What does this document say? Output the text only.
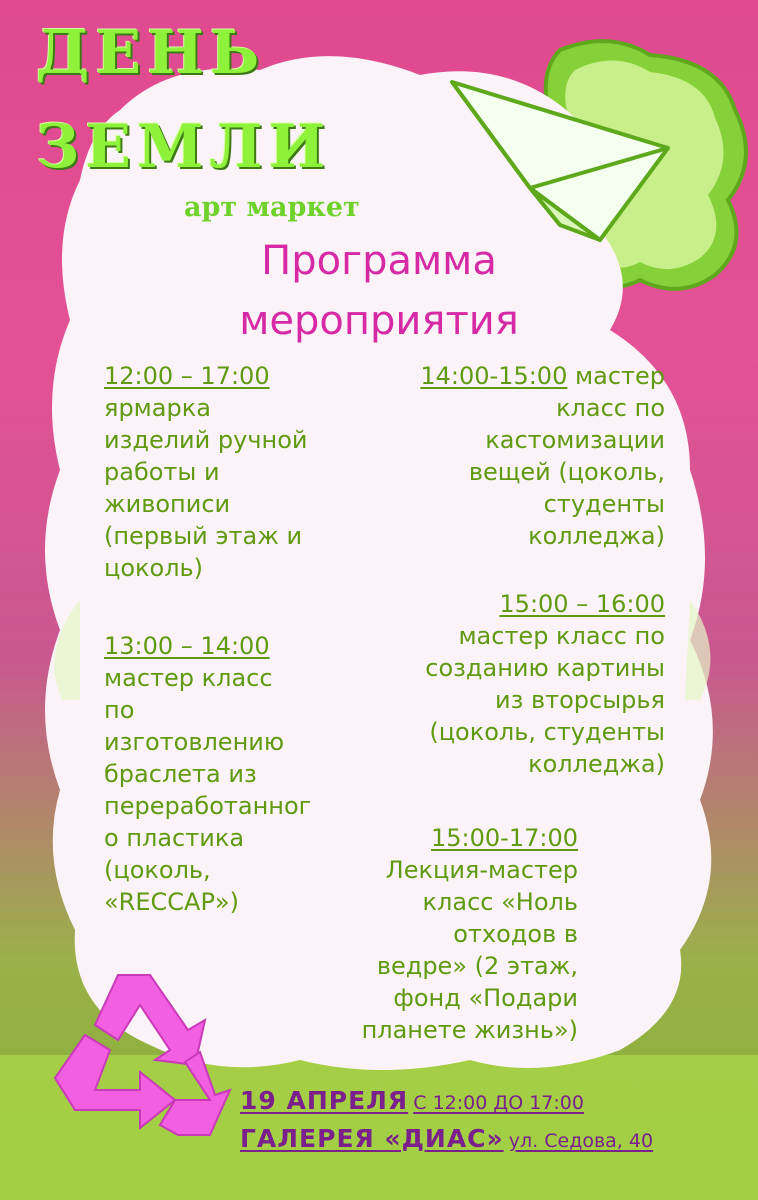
ДЕНЬ
ЗЕМЛИ
арт маркет
Программа
мероприятия
12:00 – 17:00
ярмарка
изделий ручной
работы и
живописи
(первый этаж и
цоколь)
13:00 – 14:00
мастер класс
по
изготовлению
браслета из
переработанног
о пластика
(цоколь,
«RECCAP»)
14:00-15:00 мастер
класс по
кастомизации
вещей (цоколь,
студенты
колледжа)
15:00 – 16:00
мастер класс по
созданию картины
из вторсырья
(цоколь, студенты
колледжа)
15:00-17:00
Лекция-мастер
класс «Ноль
отходов в
ведре» (2 этаж,
фонд «Подари
планете жизнь»)
19 АПРЕЛЯ С 12:00 ДО 17:00
ГАЛЕРЕЯ «ДИАС» ул. Седова, 40
